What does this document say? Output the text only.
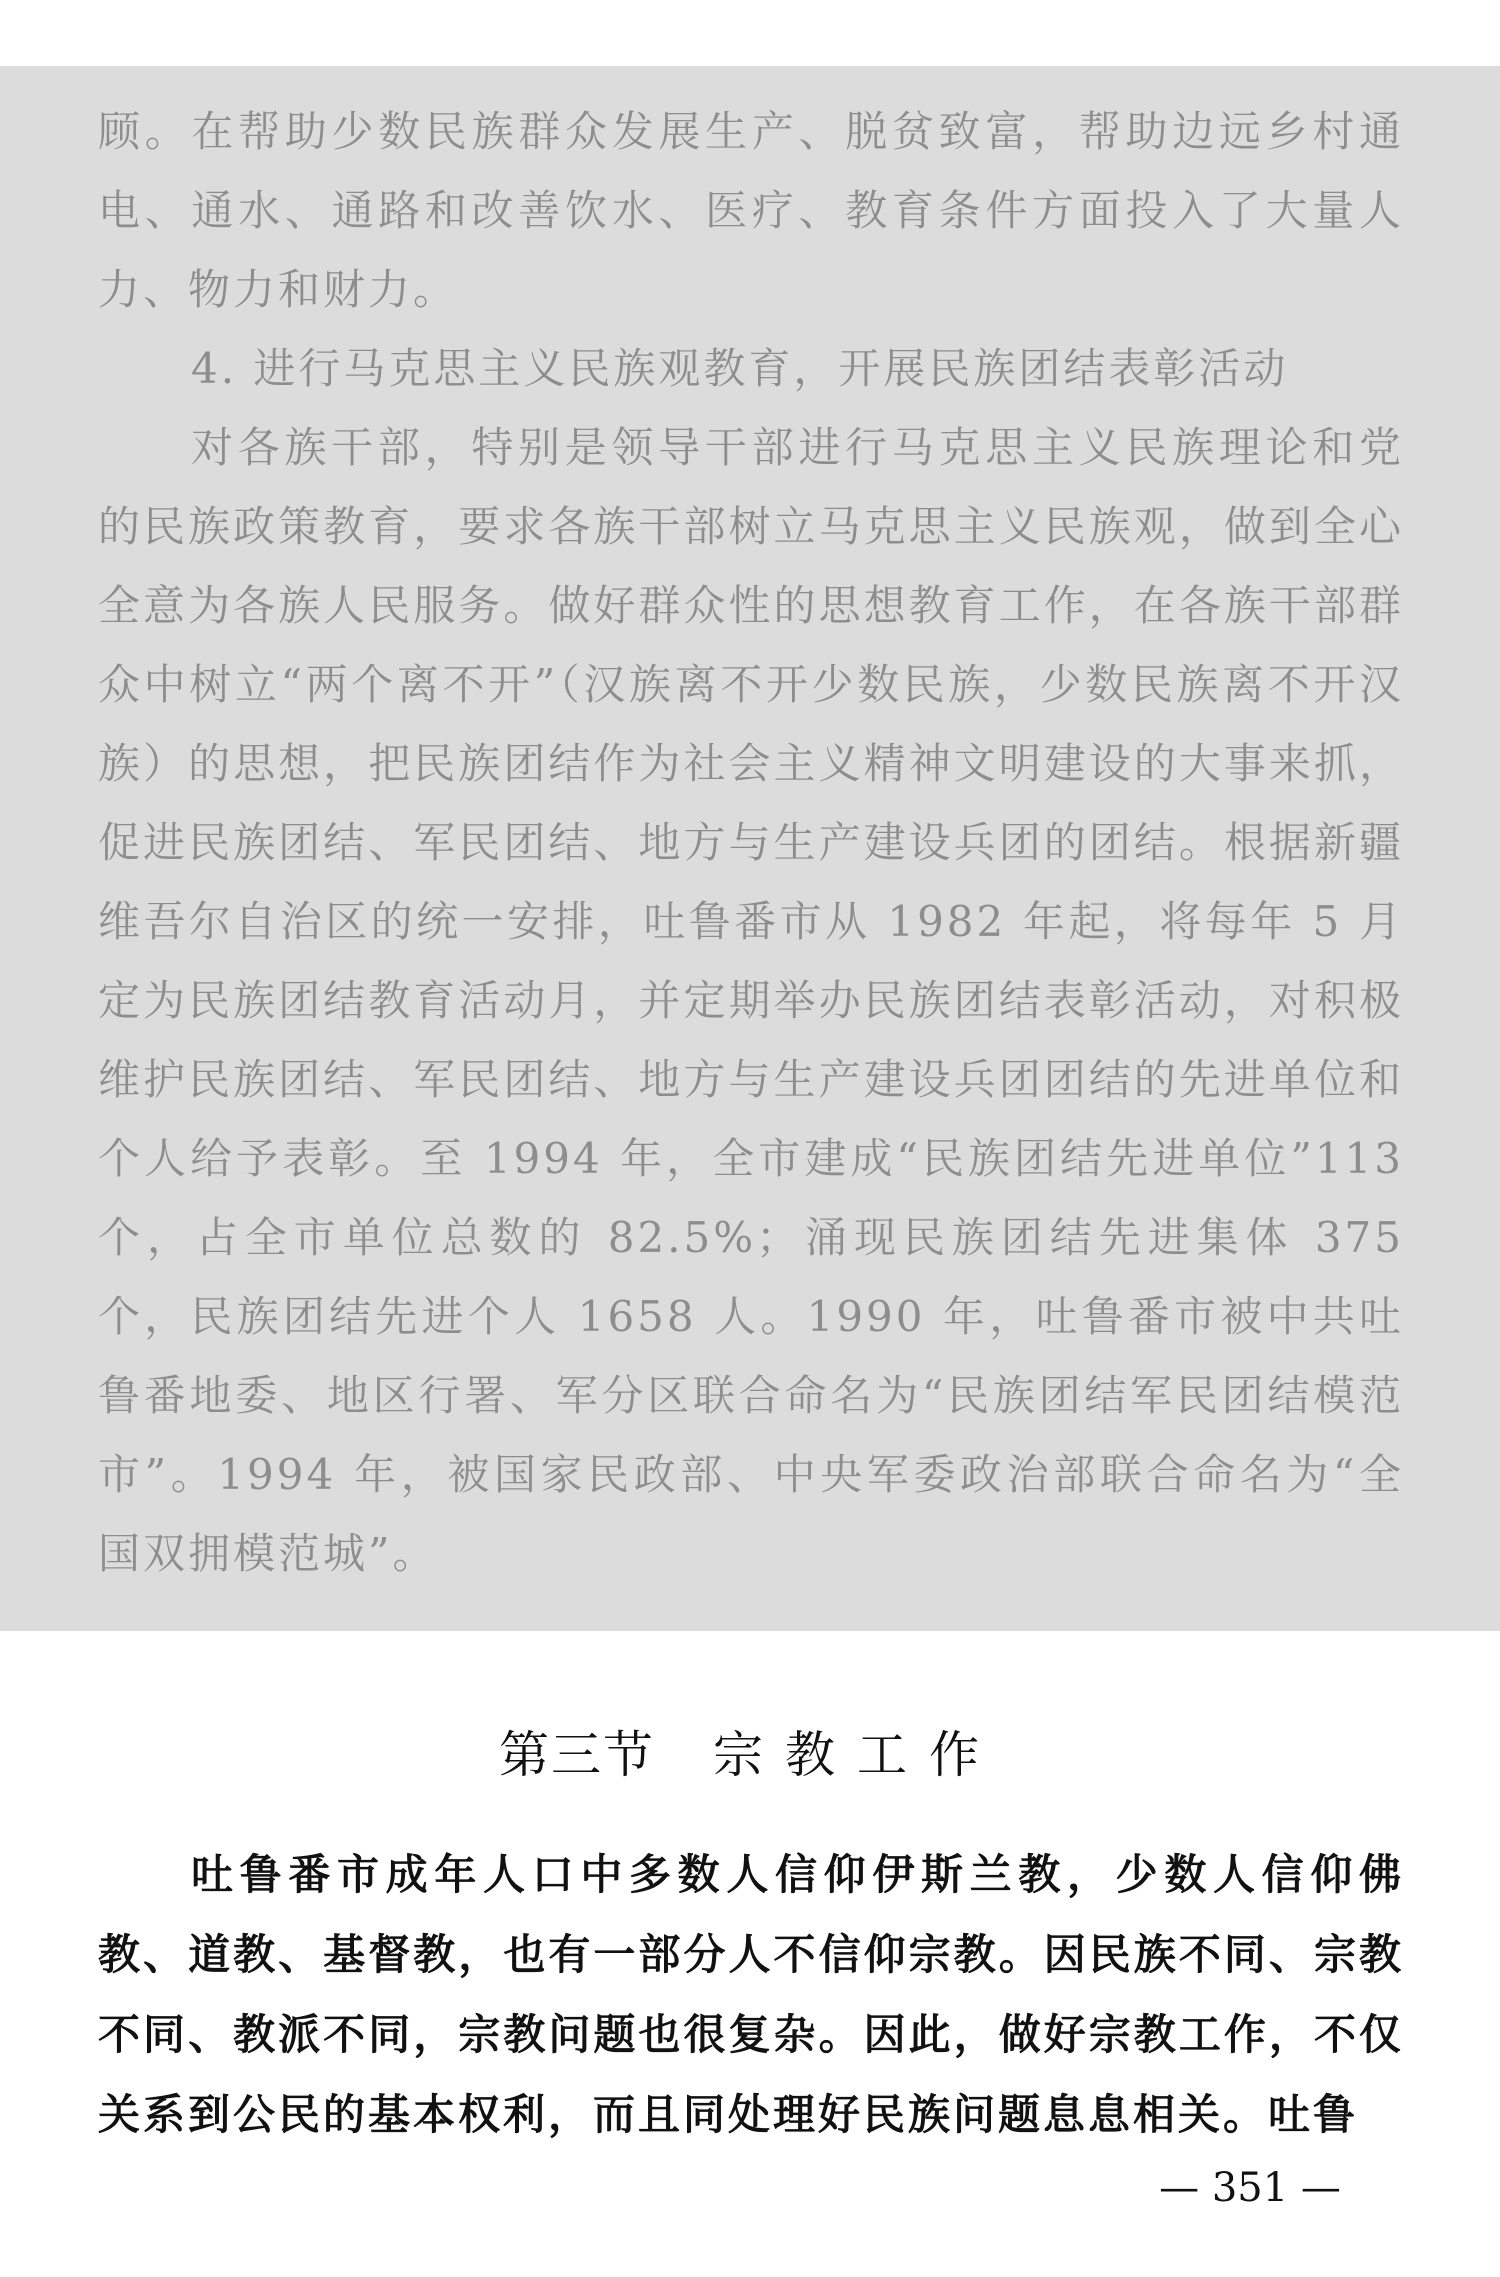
顾。在帮助少数民族群众发展生产、脱贫致富，帮助边远乡村通电、通水、通路和改善饮水、医疗、教育条件方面投入了大量人力、物力和财力。

4. 进行马克思主义民族观教育，开展民族团结表彰活动

对各族干部，特别是领导干部进行马克思主义民族理论和党的民族政策教育，要求各族干部树立马克思主义民族观，做到全心全意为各族人民服务。做好群众性的思想教育工作，在各族干部群众中树立“两个离不开”（汉族离不开少数民族，少数民族离不开汉族）的思想，把民族团结作为社会主义精神文明建设的大事来抓，促进民族团结、军民团结、地方与生产建设兵团的团结。根据新疆维吾尔自治区的统一安排，吐鲁番市从 1982 年起，将每年 5 月定为民族团结教育活动月，并定期举办民族团结表彰活动，对积极维护民族团结、军民团结、地方与生产建设兵团团结的先进单位和个人给予表彰。至 1994 年，全市建成“民族团结先进单位”113 个，占全市单位总数的 82.5%；涌现民族团结先进集体 375 个，民族团结先进个人 1658 人。1990 年，吐鲁番市被中共吐鲁番地委、地区行署、军分区联合命名为“民族团结军民团结模范市”。1994 年，被国家民政部、中央军委政治部联合命名为“全国双拥模范城”。

第三节 宗教工作

吐鲁番市成年人口中多数人信仰伊斯兰教，少数人信仰佛教、道教、基督教，也有一部分人不信仰宗教。因民族不同、宗教不同、教派不同，宗教问题也很复杂。因此，做好宗教工作，不仅关系到公民的基本权利，而且同处理好民族问题息息相关。吐鲁

— 351 —
